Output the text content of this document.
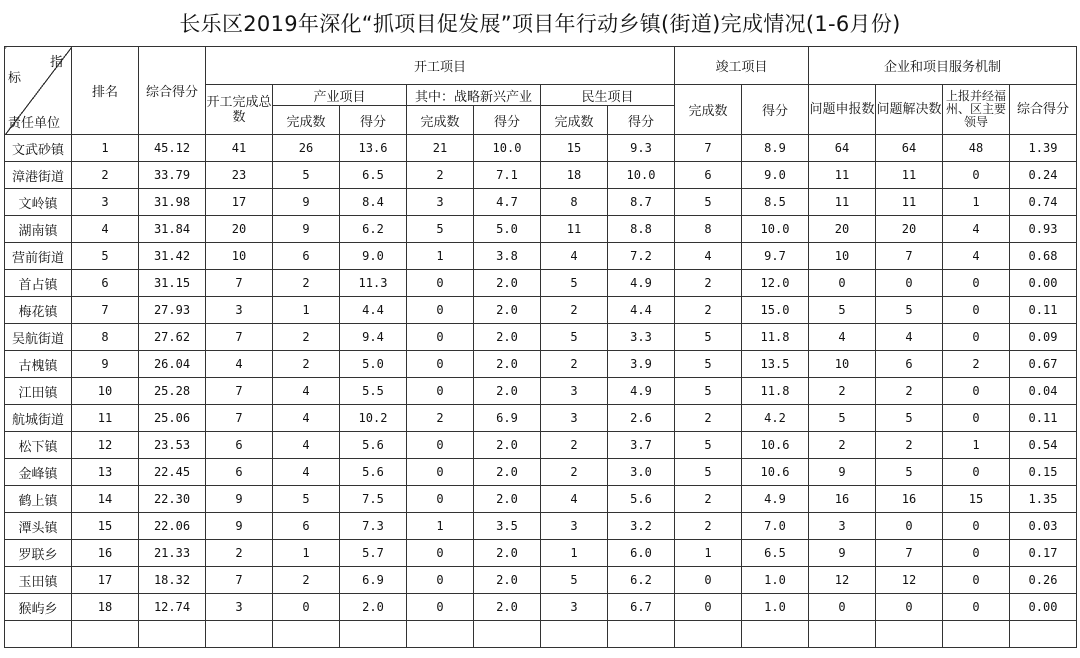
长乐区2019年深化“抓项目促发展”项目年行动乡镇(街道)完成情况(1-6月份)
指
标
责任单位	排名	综合得分	开工项目							竣工项目		企业和项目服务机制			
			开工完成总数	产业项目		其中：战略新兴产业		民生项目		完成数	得分	问题申报数	问题解决数	上报并经福州、区主要领导	综合得分
				完成数	得分	完成数	得分	完成数	得分						
文武砂镇	1	45.12	41	26	13.6	21	10.0	15	9.3	7	8.9	64	64	48	1.39
漳港街道	2	33.79	23	5	6.5	2	7.1	18	10.0	6	9.0	11	11	0	0.24
文岭镇	3	31.98	17	9	8.4	3	4.7	8	8.7	5	8.5	11	11	1	0.74
湖南镇	4	31.84	20	9	6.2	5	5.0	11	8.8	8	10.0	20	20	4	0.93
营前街道	5	31.42	10	6	9.0	1	3.8	4	7.2	4	9.7	10	7	4	0.68
首占镇	6	31.15	7	2	11.3	0	2.0	5	4.9	2	12.0	0	0	0	0.00
梅花镇	7	27.93	3	1	4.4	0	2.0	2	4.4	2	15.0	5	5	0	0.11
吴航街道	8	27.62	7	2	9.4	0	2.0	5	3.3	5	11.8	4	4	0	0.09
古槐镇	9	26.04	4	2	5.0	0	2.0	2	3.9	5	13.5	10	6	2	0.67
江田镇	10	25.28	7	4	5.5	0	2.0	3	4.9	5	11.8	2	2	0	0.04
航城街道	11	25.06	7	4	10.2	2	6.9	3	2.6	2	4.2	5	5	0	0.11
松下镇	12	23.53	6	4	5.6	0	2.0	2	3.7	5	10.6	2	2	1	0.54
金峰镇	13	22.45	6	4	5.6	0	2.0	2	3.0	5	10.6	9	5	0	0.15
鹤上镇	14	22.30	9	5	7.5	0	2.0	4	5.6	2	4.9	16	16	15	1.35
潭头镇	15	22.06	9	6	7.3	1	3.5	3	3.2	2	7.0	3	0	0	0.03
罗联乡	16	21.33	2	1	5.7	0	2.0	1	6.0	1	6.5	9	7	0	0.17
玉田镇	17	18.32	7	2	6.9	0	2.0	5	6.2	0	1.0	12	12	0	0.26
猴屿乡	18	12.74	3	0	2.0	0	2.0	3	6.7	0	1.0	0	0	0	0.00
